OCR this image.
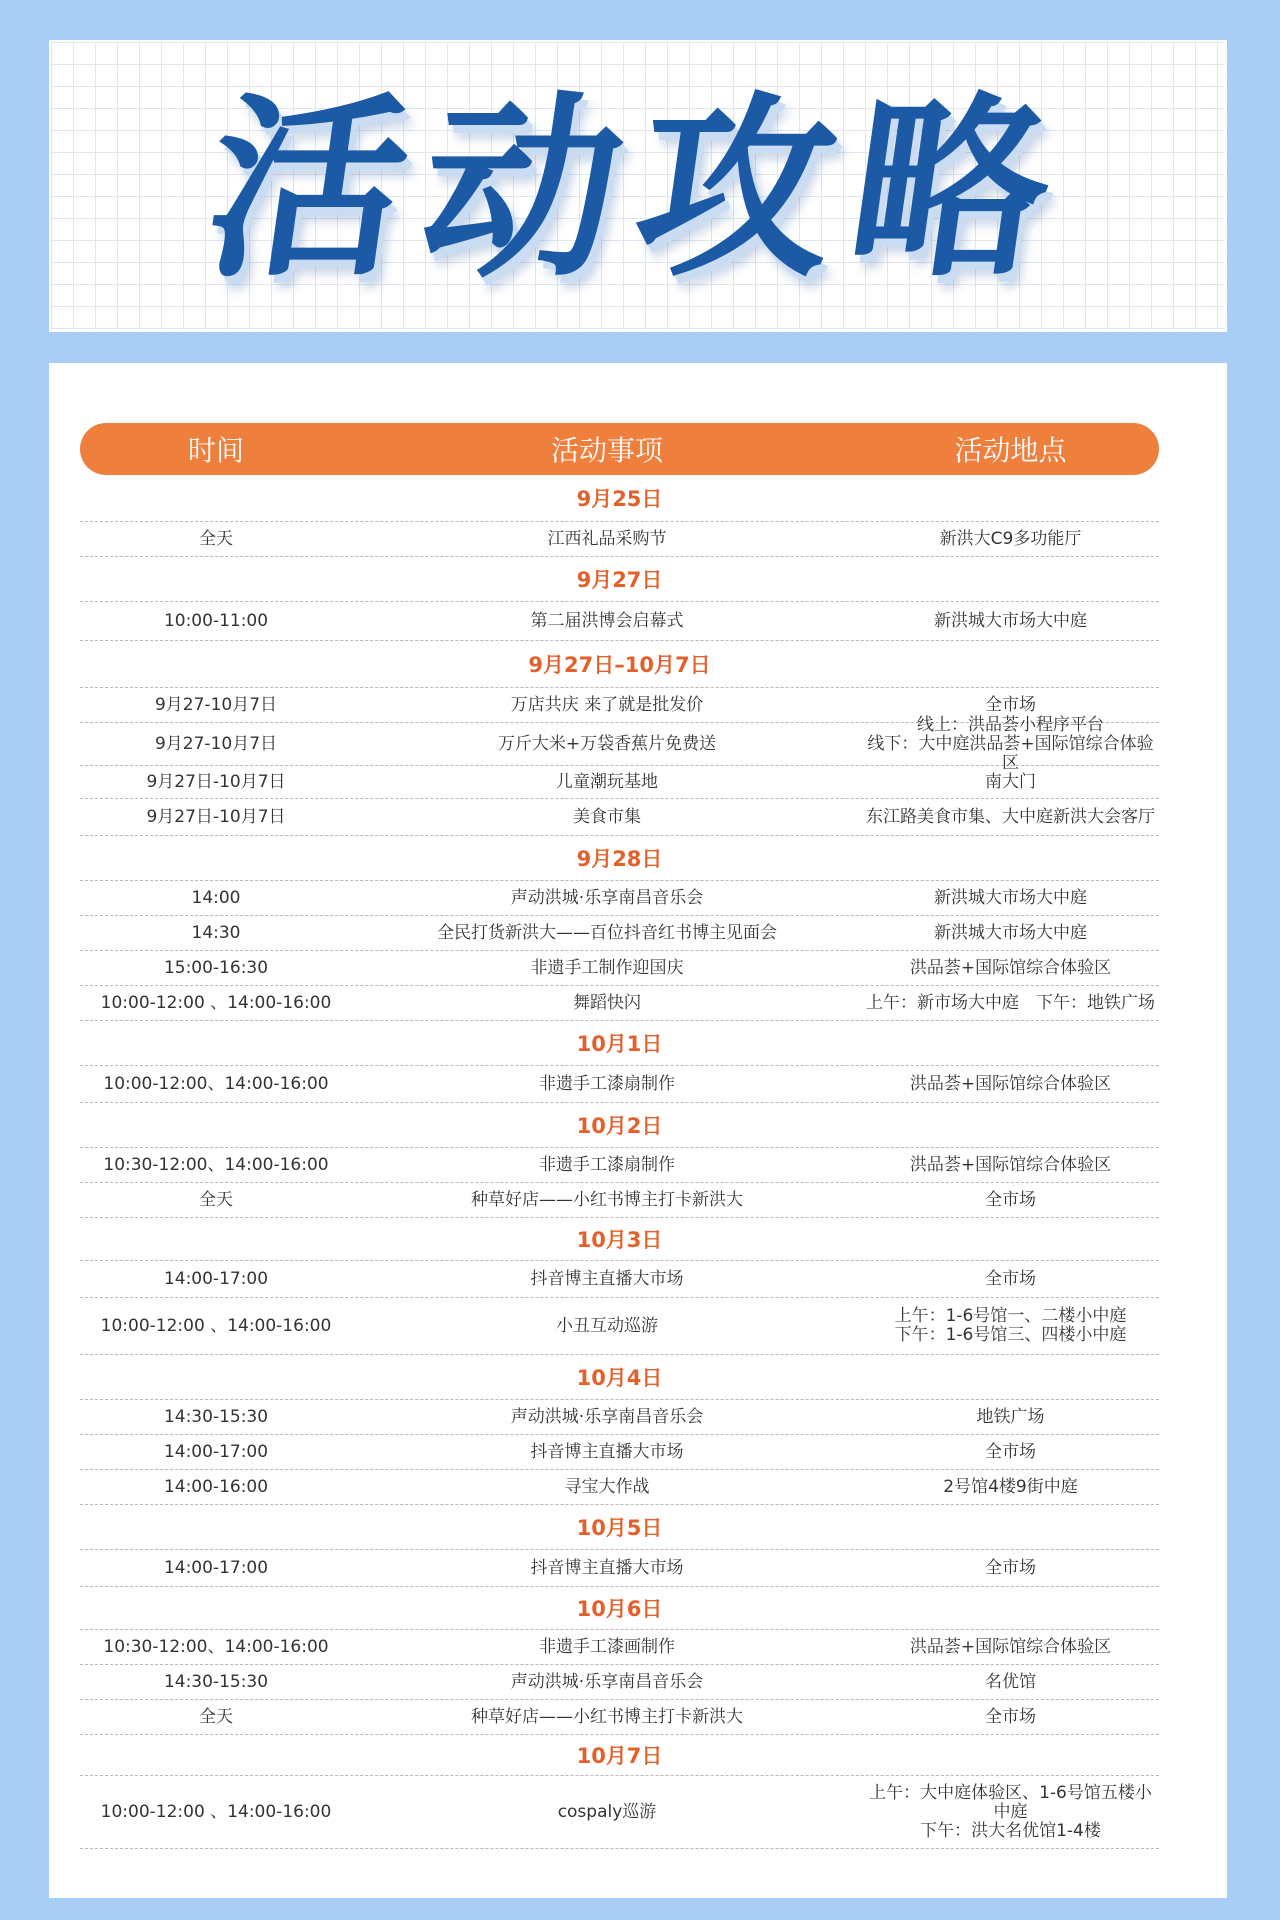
活动攻略
时间	活动事项	活动地点
9月25日
全天	江西礼品采购节	新洪大C9多功能厅
9月27日
10:00-11:00	第二届洪博会启幕式	新洪城大市场大中庭
9月27日–10月7日
9月27-10月7日	万店共庆 来了就是批发价	全市场
9月27-10月7日	万斤大米+万袋香蕉片免费送
线上：洪品荟小程序平台
线下：大中庭洪品荟+国际馆综合体验区
9月27日-10月7日	儿童潮玩基地	南大门
9月27日-10月7日	美食市集	东江路美食市集、大中庭新洪大会客厅
9月28日
14:00	声动洪城·乐享南昌音乐会	新洪城大市场大中庭
14:30	全民打货新洪大——百位抖音红书博主见面会	新洪城大市场大中庭
15:00-16:30	非遗手工制作迎国庆	洪品荟+国际馆综合体验区
10:00-12:00 、14:00-16:00	舞蹈快闪	上午：新市场大中庭　下午：地铁广场
10月1日
10:00-12:00、14:00-16:00	非遗手工漆扇制作	洪品荟+国际馆综合体验区
10月2日
10:30-12:00、14:00-16:00	非遗手工漆扇制作	洪品荟+国际馆综合体验区
全天	种草好店——小红书博主打卡新洪大	全市场
10月3日
14:00-17:00	抖音博主直播大市场	全市场
10:00-12:00 、14:00-16:00	小丑互动巡游	上午：1-6号馆一、二楼小中庭
下午：1-6号馆三、四楼小中庭
10月4日
14:30-15:30	声动洪城·乐享南昌音乐会	地铁广场
14:00-17:00	抖音博主直播大市场	全市场
14:00-16:00	寻宝大作战	2号馆4楼9街中庭
10月5日
14:00-17:00	抖音博主直播大市场	全市场
10月6日
10:30-12:00、14:00-16:00	非遗手工漆画制作	洪品荟+国际馆综合体验区
14:30-15:30	声动洪城·乐享南昌音乐会	名优馆
全天	种草好店——小红书博主打卡新洪大	全市场
10月7日
10:00-12:00 、14:00-16:00	cospaly巡游
上午：大中庭体验区、1-6号馆五楼小中庭
下午：洪大名优馆1-4楼
